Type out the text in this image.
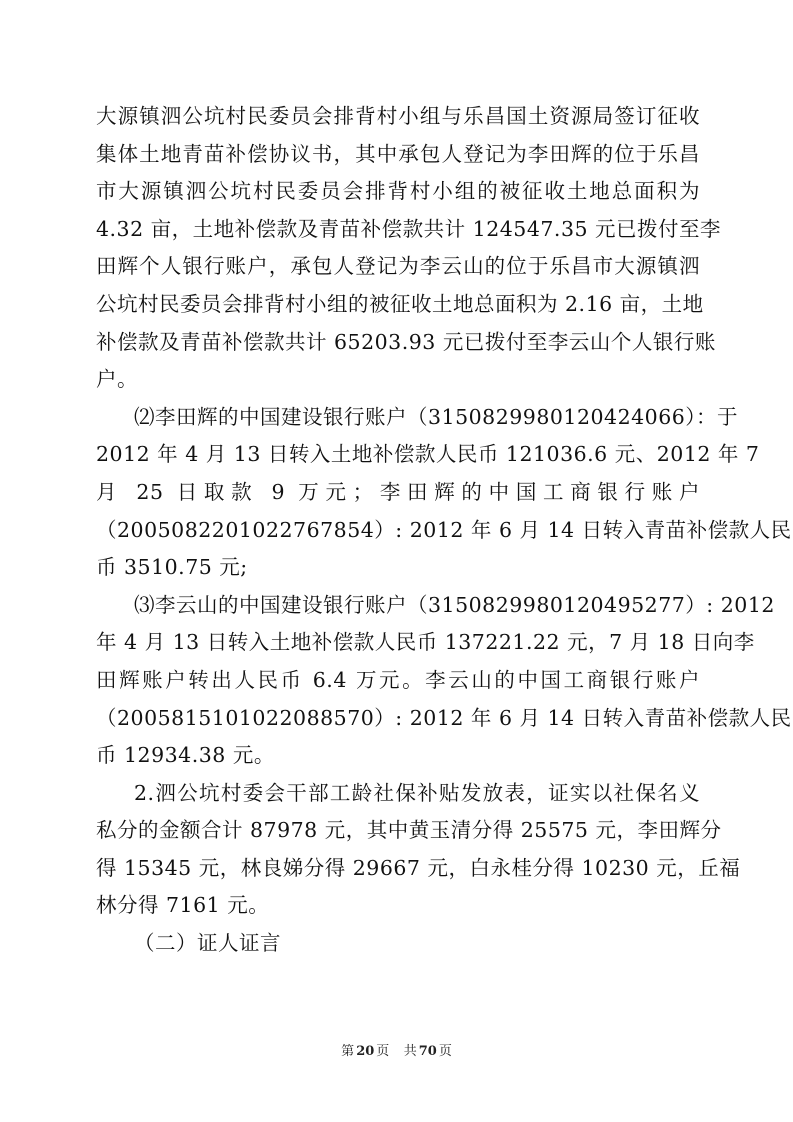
大源镇泗公坑村民委员会排背村小组与乐昌国土资源局签订征收
集体土地青苗补偿协议书，其中承包人登记为李田辉的位于乐昌
市大源镇泗公坑村民委员会排背村小组的被征收土地总面积为
4.32 亩，土地补偿款及青苗补偿款共计 124547.35 元已拨付至李
田辉个人银行账户，承包人登记为李云山的位于乐昌市大源镇泗
公坑村民委员会排背村小组的被征收土地总面积为 2.16 亩，土地
补偿款及青苗补偿款共计 65203.93 元已拨付至李云山个人银行账
户。
⑵李田辉的中国建设银行账户（3150829980120424066）：于
2012 年 4 月 13 日转入土地补偿款人民币 121036.6 元、2012 年 7
月 25 日取款 9 万元；李田辉的中国工商银行账户
（2005082201022767854）: 2012 年 6 月 14 日转入青苗补偿款人民
币 3510.75 元;
⑶李云山的中国建设银行账户（3150829980120495277）: 2012
年 4 月 13 日转入土地补偿款人民币 137221.22 元，7 月 18 日向李
田辉账户转出人民币 6.4 万元。李云山的中国工商银行账户
（2005815101022088570）: 2012 年 6 月 14 日转入青苗补偿款人民
币 12934.38 元。
2.泗公坑村委会干部工龄社保补贴发放表，证实以社保名义
私分的金额合计 87978 元，其中黄玉清分得 25575 元，李田辉分
得 15345 元，林良娣分得 29667 元，白永桂分得 10230 元，丘福
林分得 7161 元。
（二）证人证言
第 20 页 共 70 页
